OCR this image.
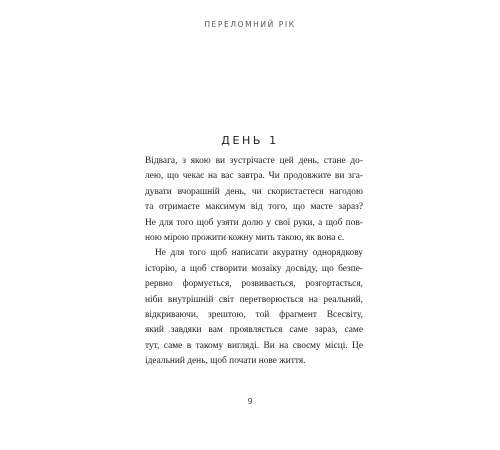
ПЕРЕЛОМНИЙ РІК
ДЕНЬ 1
Відвага, з якою ви зустрічаєте цей день, стане до-
лею, що чекає на вас завтра. Чи продовжите ви зга-
дувати вчорашній день, чи скористаєтеся нагодою
та отримаєте максимум від того, що маєте зараз?
Не для того щоб узяти долю у свої руки, а щоб пов-
ною мірою прожити кожну мить такою, як вона є.
Не для того щоб написати акуратну однорядкову
історію, а щоб створити мозаїку досвіду, що безпе-
рервно формується, розвивається, розгортається,
ніби внутрішній світ перетворюється на реальний,
відкриваючи, зрештою, той фрагмент Всесвіту,
який завдяки вам проявляється саме зараз, саме
тут, саме в такому вигляді. Ви на своєму місці. Це
ідеальний день, щоб почати нове життя.
9
